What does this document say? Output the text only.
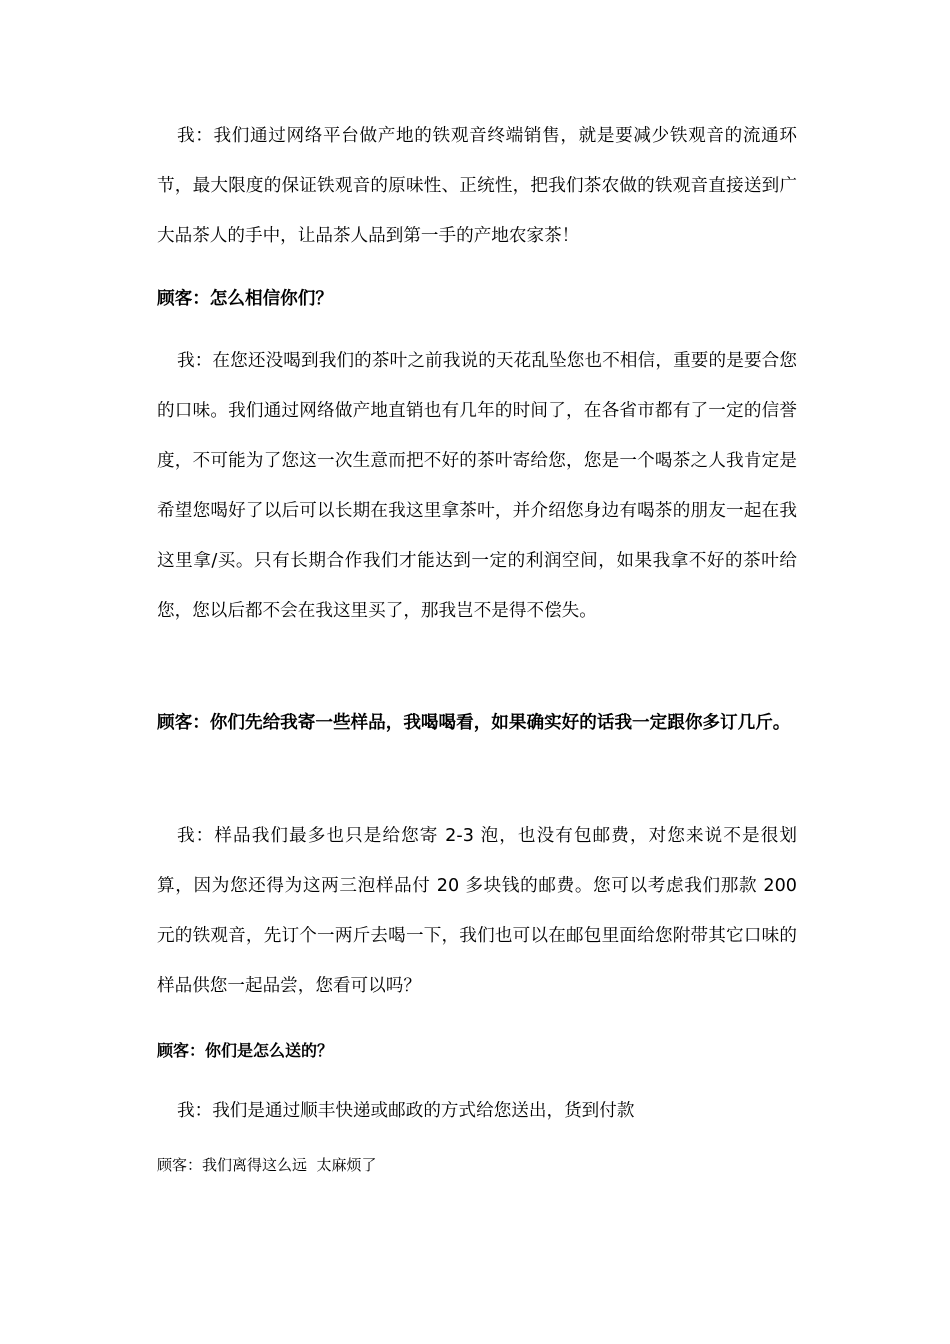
我：我们通过网络平台做产地的铁观音终端销售，就是要减少铁观音的流通环节，最大限度的保证铁观音的原味性、正统性，把我们茶农做的铁观音直接送到广大品茶人的手中，让品茶人品到第一手的产地农家茶！

顾客：怎么相信你们？

我：在您还没喝到我们的茶叶之前我说的天花乱坠您也不相信，重要的是要合您的口味。我们通过网络做产地直销也有几年的时间了，在各省市都有了一定的信誉度，不可能为了您这一次生意而把不好的茶叶寄给您，您是一个喝茶之人我肯定是希望您喝好了以后可以长期在我这里拿茶叶，并介绍您身边有喝茶的朋友一起在我这里拿/买。只有长期合作我们才能达到一定的利润空间，如果我拿不好的茶叶给您，您以后都不会在我这里买了，那我岂不是得不偿失。

顾客：你们先给我寄一些样品，我喝喝看，如果确实好的话我一定跟你多订几斤。

我：样品我们最多也只是给您寄 2-3 泡，也没有包邮费，对您来说不是很划算，因为您还得为这两三泡样品付 20 多块钱的邮费。您可以考虑我们那款 200 元的铁观音，先订个一两斤去喝一下，我们也可以在邮包里面给您附带其它口味的样品供您一起品尝，您看可以吗？

顾客：你们是怎么送的？

我：我们是通过顺丰快递或邮政的方式给您送出，货到付款

顾客：我们离得这么远  太麻烦了
